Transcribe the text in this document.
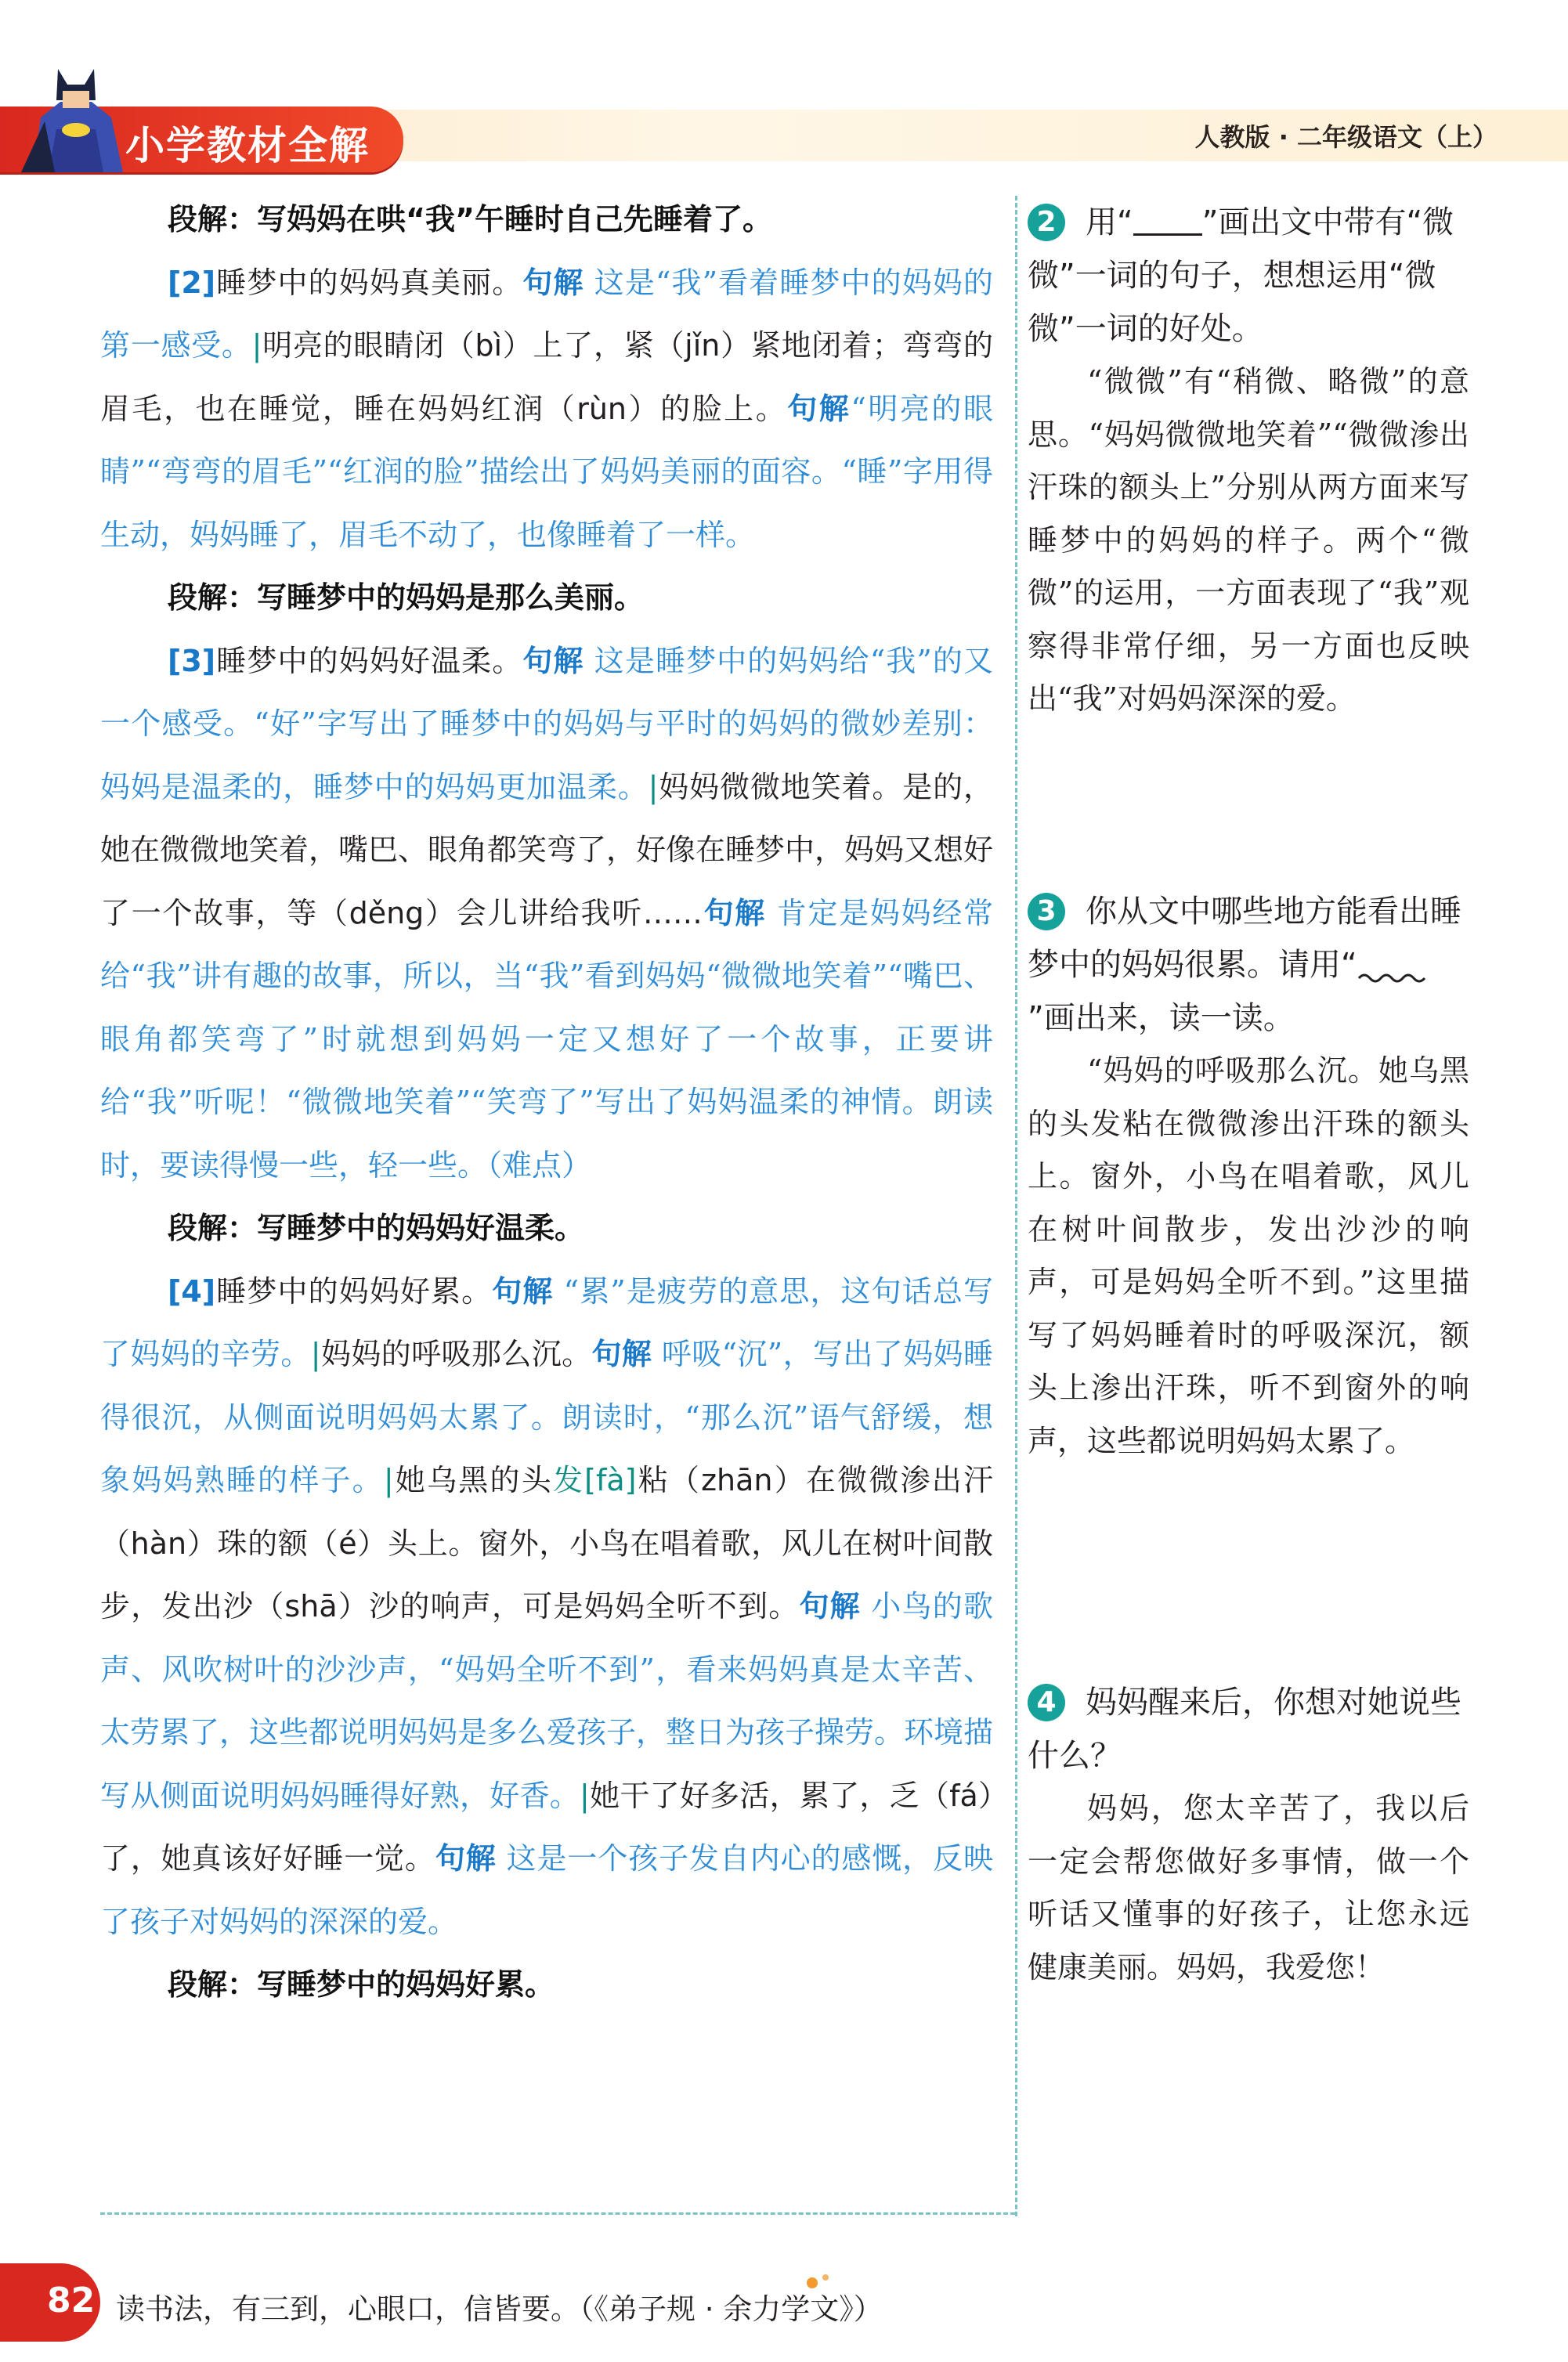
小学教材全解	人教版 · 二年级语文（上）

段解：写妈妈在哄“我”午睡时自己先睡着了。

[2]睡梦中的妈妈真美丽。句解 这是“我”看着睡梦中的妈妈的第一感受。|明亮的眼睛闭（bì）上了，紧（jǐn）紧地闭着；弯弯的眉毛，也在睡觉，睡在妈妈红润（rùn）的脸上。句解“明亮的眼睛”“弯弯的眉毛”“红润的脸”描绘出了妈妈美丽的面容。“睡”字用得生动，妈妈睡了，眉毛不动了，也像睡着了一样。

段解：写睡梦中的妈妈是那么美丽。

[3]睡梦中的妈妈好温柔。句解 这是睡梦中的妈妈给“我”的又一个感受。“好”字写出了睡梦中的妈妈与平时的妈妈的微妙差别：妈妈是温柔的，睡梦中的妈妈更加温柔。|妈妈微微地笑着。是的，她在微微地笑着，嘴巴、眼角都笑弯了，好像在睡梦中，妈妈又想好了一个故事，等（děng）会儿讲给我听……句解 肯定是妈妈经常给“我”讲有趣的故事，所以，当“我”看到妈妈“微微地笑着”“嘴巴、眼角都笑弯了”时就想到妈妈一定又想好了一个故事，正要讲给“我”听呢！“微微地笑着”“笑弯了”写出了妈妈温柔的神情。朗读时，要读得慢一些，轻一些。（难点）

段解：写睡梦中的妈妈好温柔。

[4]睡梦中的妈妈好累。句解 “累”是疲劳的意思，这句话总写了妈妈的辛劳。|妈妈的呼吸那么沉。句解 呼吸“沉”，写出了妈妈睡得很沉，从侧面说明妈妈太累了。朗读时，“那么沉”语气舒缓，想象妈妈熟睡的样子。|她乌黑的头发[fà]粘（zhān）在微微渗出汗（hàn）珠的额（é）头上。窗外，小鸟在唱着歌，风儿在树叶间散步，发出沙（shā）沙的响声，可是妈妈全听不到。句解 小鸟的歌声、风吹树叶的沙沙声，“妈妈全听不到”，看来妈妈真是太辛苦、太劳累了，这些都说明妈妈是多么爱孩子，整日为孩子操劳。环境描写从侧面说明妈妈睡得好熟，好香。|她干了好多活，累了，乏（fá）了，她真该好好睡一觉。句解 这是一个孩子发自内心的感慨，反映了孩子对妈妈的深深的爱。

段解：写睡梦中的妈妈好累。

2 用“ ”画出文中带有“微微”一词的句子，想想运用“微微”一词的好处。

“微微”有“稍微、略微”的意思。“妈妈微微地笑着”“微微渗出汗珠的额头上”分别从两方面来写睡梦中的妈妈的样子。两个“微微”的运用，一方面表现了“我”观察得非常仔细，另一方面也反映出“我”对妈妈深深的爱。

3 你从文中哪些地方能看出睡梦中的妈妈很累。请用“”画出来，读一读。

“妈妈的呼吸那么沉。她乌黑的头发粘在微微渗出汗珠的额头上。窗外，小鸟在唱着歌，风儿在树叶间散步，发出沙沙的响声，可是妈妈全听不到。”这里描写了妈妈睡着时的呼吸深沉，额头上渗出汗珠，听不到窗外的响声，这些都说明妈妈太累了。

4 妈妈醒来后，你想对她说些什么？

妈妈，您太辛苦了，我以后一定会帮您做好多事情，做一个听话又懂事的好孩子，让您永远健康美丽。妈妈，我爱您！

82 读书法，有三到，心眼口，信皆要。（《弟子规 · 余力学文》）
